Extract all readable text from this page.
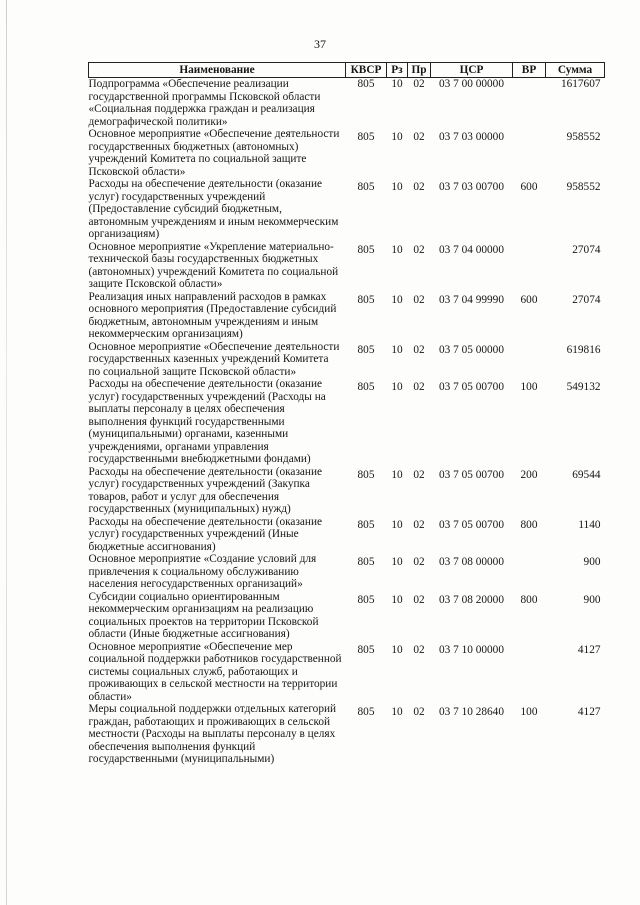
37
Наименование	КВСР	Рз	Пр	ЦСР	ВР	Сумма
Подпрограмма «Обеспечение реализации государственной программы Псковской области «Социальная поддержка граждан и реализация демографической политики»	805	10	02	03 7 00 00000		1617607
Основное мероприятие «Обеспечение деятельности государственных бюджетных (автономных) учреждений Комитета по социальной защите Псковской области»	805	10	02	03 7 03 00000		958552
Расходы на обеспечение деятельности (оказание услуг) государственных учреждений (Предоставление субсидий бюджетным, автономным учреждениям и иным некоммерческим организациям)	805	10	02	03 7 03 00700	600	958552
Основное мероприятие «Укрепление материально-технической базы государственных бюджетных (автономных) учреждений Комитета по социальной защите Псковской области»	805	10	02	03 7 04 00000		27074
Реализация иных направлений расходов в рамках основного мероприятия (Предоставление субсидий бюджетным, автономным учреждениям и иным некоммерческим организациям)	805	10	02	03 7 04 99990	600	27074
Основное мероприятие «Обеспечение деятельности государственных казенных учреждений Комитета по социальной защите Псковской области»	805	10	02	03 7 05 00000		619816
Расходы на обеспечение деятельности (оказание услуг) государственных учреждений (Расходы на выплаты персоналу в целях обеспечения выполнения функций государственными (муниципальными) органами, казенными учреждениями, органами управления государственными внебюджетными фондами)	805	10	02	03 7 05 00700	100	549132
Расходы на обеспечение деятельности (оказание услуг) государственных учреждений (Закупка товаров, работ и услуг для обеспечения государственных (муниципальных) нужд)	805	10	02	03 7 05 00700	200	69544
Расходы на обеспечение деятельности (оказание услуг) государственных учреждений (Иные бюджетные ассигнования)	805	10	02	03 7 05 00700	800	1140
Основное мероприятие «Создание условий для привлечения к социальному обслуживанию населения негосударственных организаций»	805	10	02	03 7 08 00000		900
Субсидии социально ориентированным некоммерческим организациям на реализацию социальных проектов на территории Псковской области (Иные бюджетные ассигнования)	805	10	02	03 7 08 20000	800	900
Основное мероприятие «Обеспечение мер социальной поддержки работников государственной системы социальных служб, работающих и проживающих в сельской местности на территории области»	805	10	02	03 7 10 00000		4127
Меры социальной поддержки отдельных категорий граждан, работающих и проживающих в сельской местности (Расходы на выплаты персоналу в целях обеспечения выполнения функций государственными (муниципальными)	805	10	02	03 7 10 28640	100	4127
